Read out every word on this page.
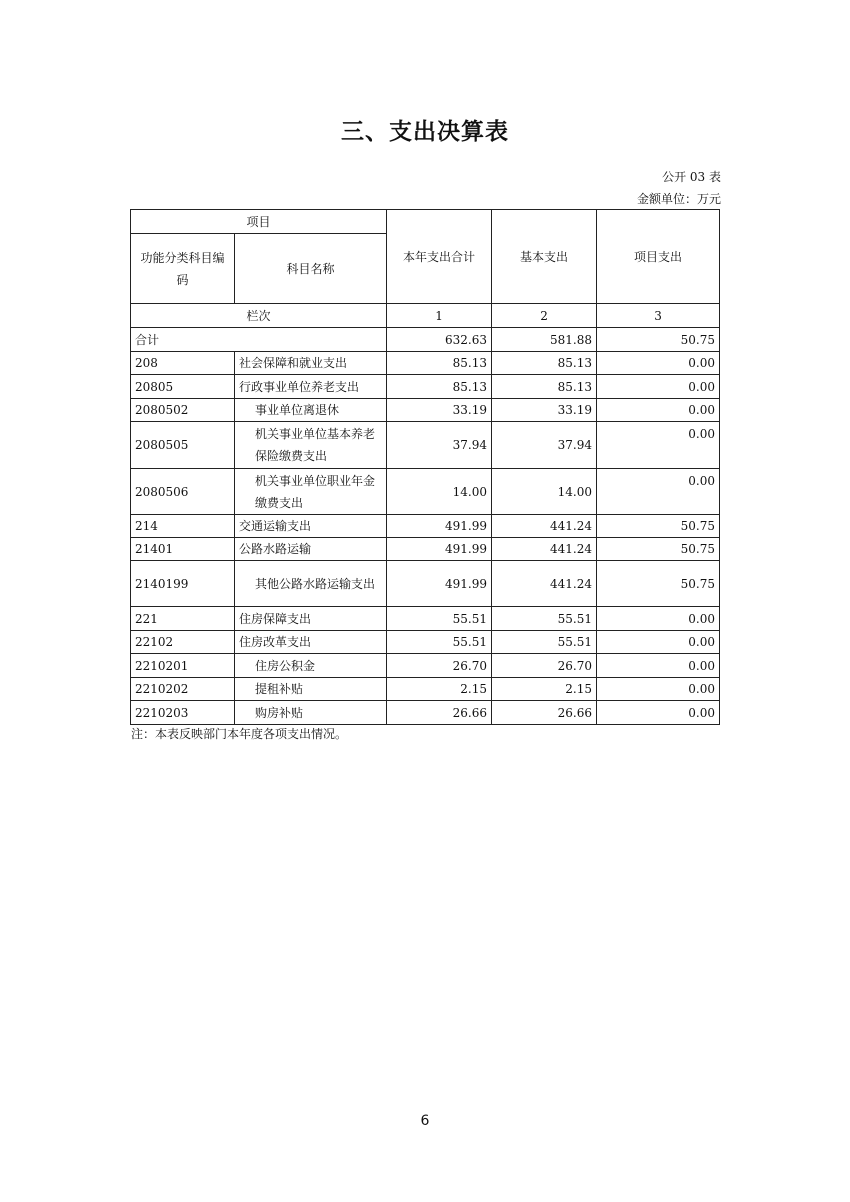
三、支出决算表
公开 03 表
金额单位：万元
项目		本年支出合计	基本支出	项目支出
功能分类科目编码	科目名称			
栏次		1	2	3
合计		632.63	581.88	50.75
208	社会保障和就业支出	85.13	85.13	0.00
20805	行政事业单位养老支出	85.13	85.13	0.00
2080502	事业单位离退休	33.19	33.19	0.00
2080505	机关事业单位基本养老保险缴费支出	37.94	37.94	0.00
2080506	机关事业单位职业年金缴费支出	14.00	14.00	0.00
214	交通运输支出	491.99	441.24	50.75
21401	公路水路运输	491.99	441.24	50.75
2140199	其他公路水路运输支出	491.99	441.24	50.75
221	住房保障支出	55.51	55.51	0.00
22102	住房改革支出	55.51	55.51	0.00
2210201	住房公积金	26.70	26.70	0.00
2210202	提租补贴	2.15	2.15	0.00
2210203	购房补贴	26.66	26.66	0.00
注：本表反映部门本年度各项支出情况。
6
